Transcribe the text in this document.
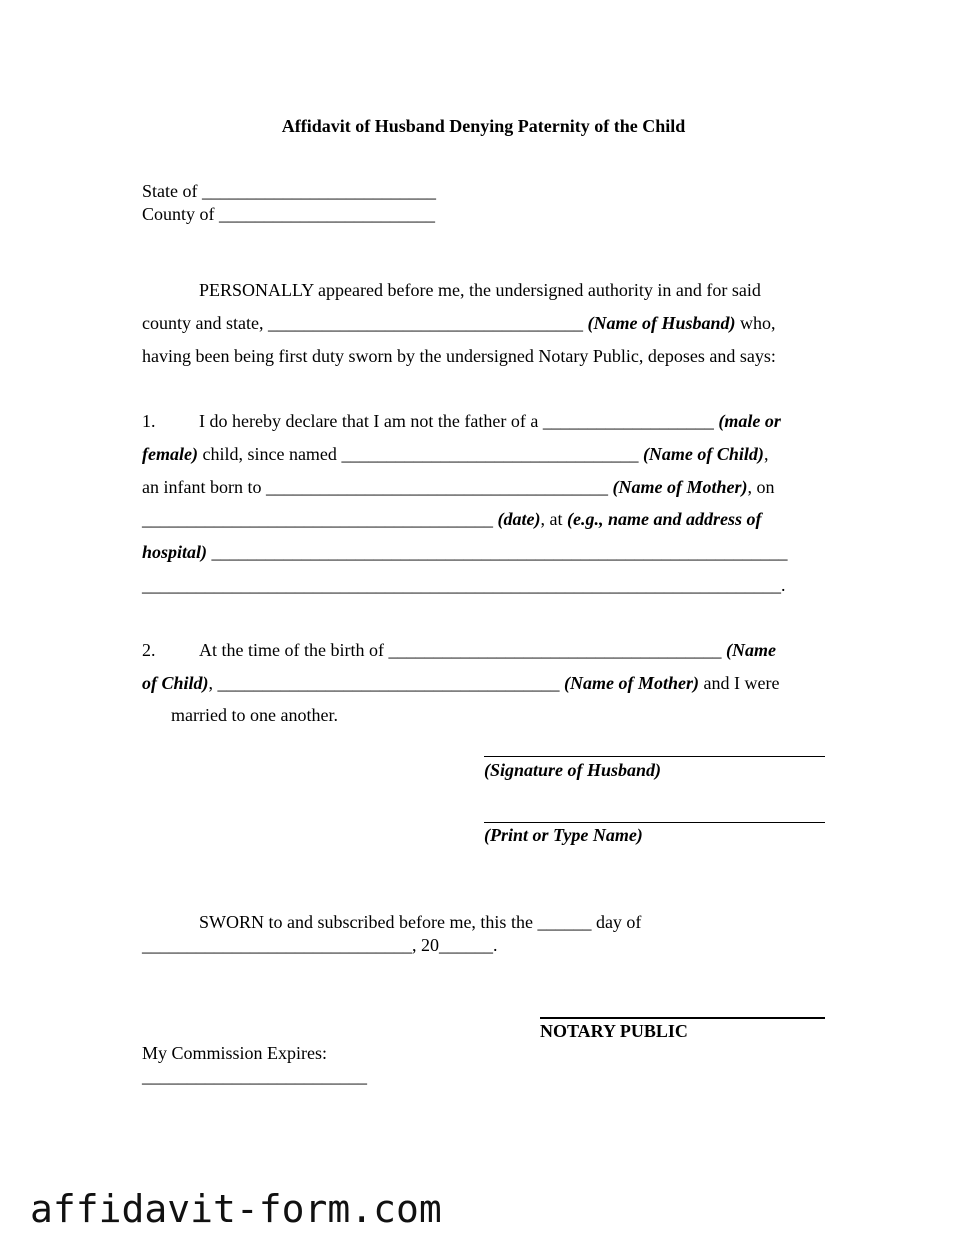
Affidavit of Husband Denying Paternity of the Child
State of __________________________
County of ________________________
PERSONALLY appeared before me, the undersigned authority in and for said
county and state, ___________________________________ (Name of Husband) who,
having been being first duty sworn by the undersigned Notary Public, deposes and says:
1. I do hereby declare that I am not the father of a ___________________ (male or
female) child, since named _________________________________ (Name of Child),
an infant born to ______________________________________ (Name of Mother), on
_______________________________________ (date), at (e.g., name and address of
hospital) ________________________________________________________________
_______________________________________________________________________.
2. At the time of the birth of _____________________________________ (Name
of Child), ______________________________________ (Name of Mother) and I were
married to one another.
(Signature of Husband)
(Print or Type Name)
SWORN to and subscribed before me, this the ______ day of
______________________________, 20______.
NOTARY PUBLIC
My Commission Expires:
_________________________
affidavit-form.com
